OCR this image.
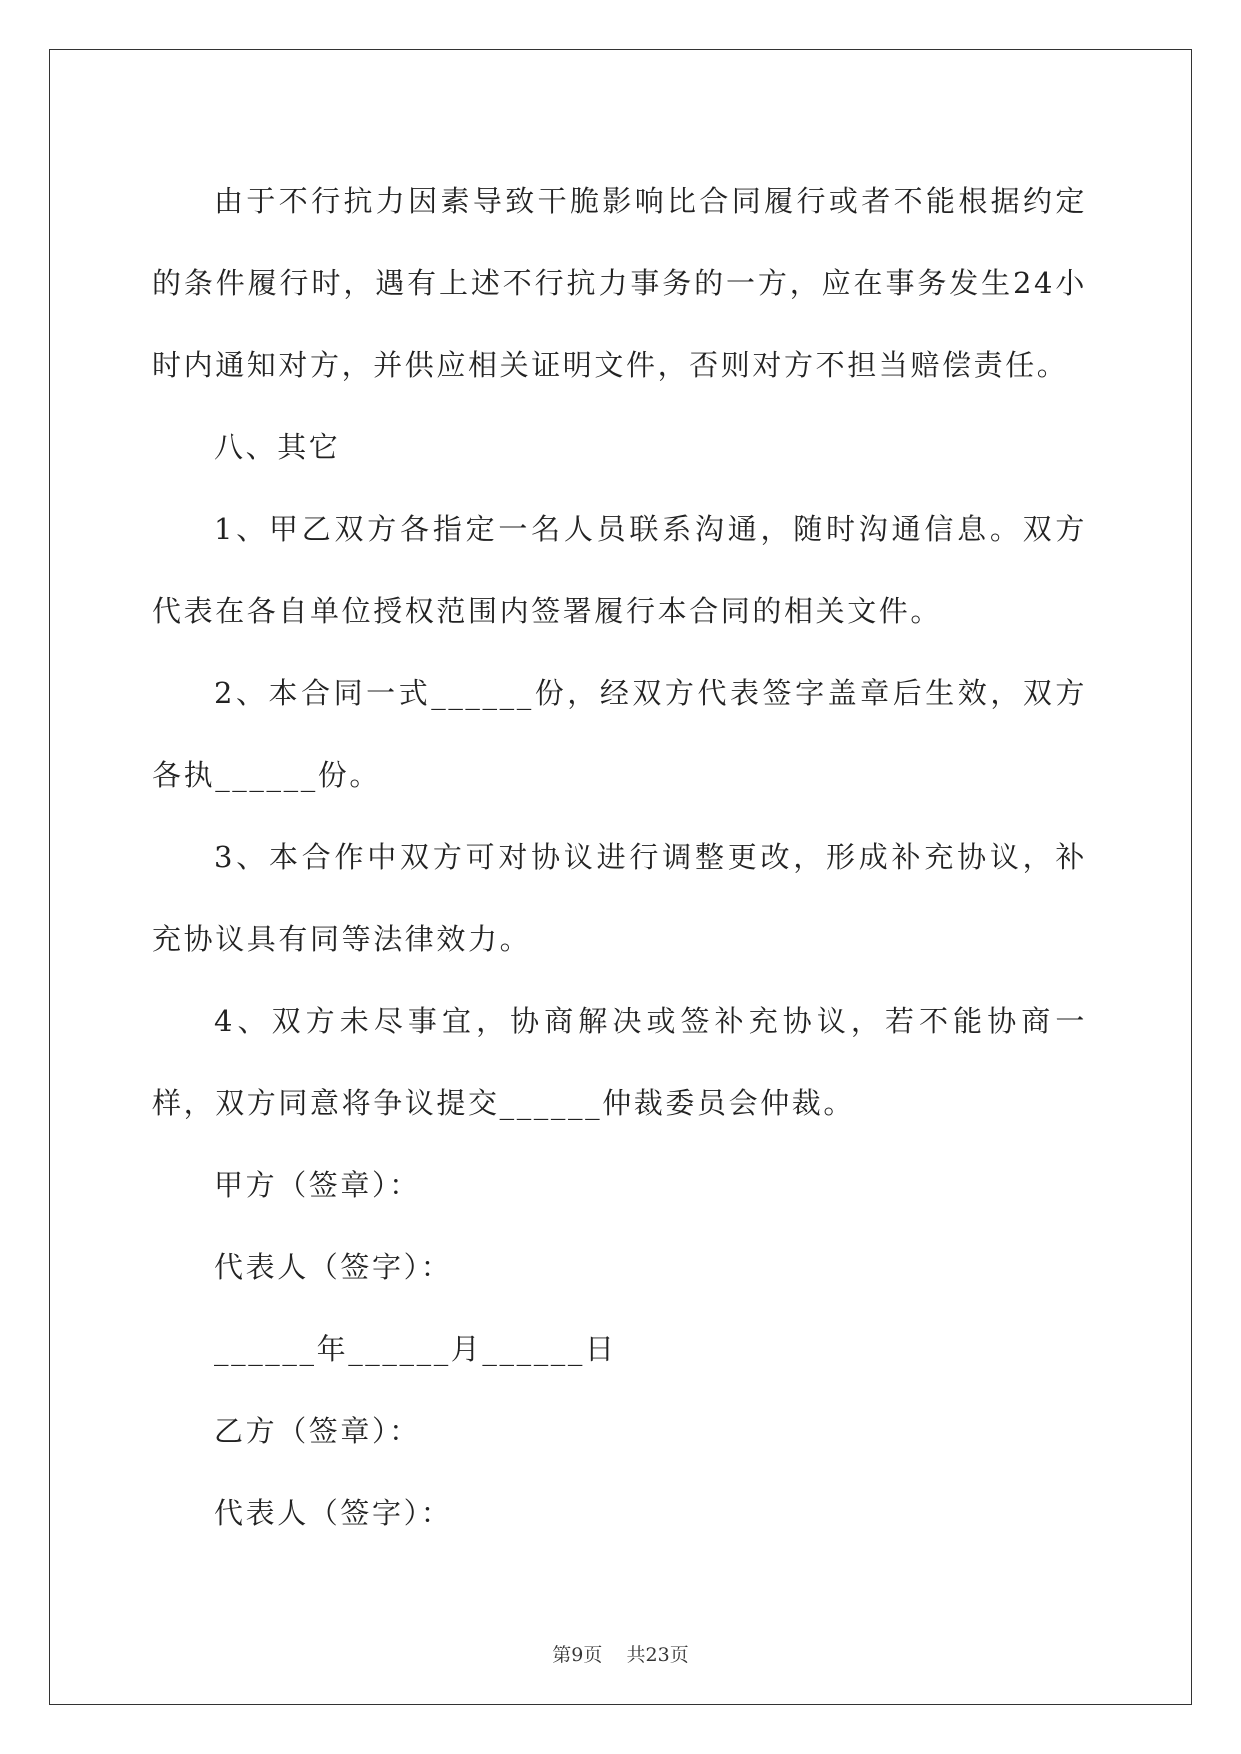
由于不行抗力因素导致干脆影响比合同履行或者不能根据约定的条件履行时，遇有上述不行抗力事务的一方，应在事务发生24小时内通知对方，并供应相关证明文件，否则对方不担当赔偿责任。

八、其它

1、甲乙双方各指定一名人员联系沟通，随时沟通信息。双方代表在各自单位授权范围内签署履行本合同的相关文件。

2、本合同一式______份，经双方代表签字盖章后生效，双方各执______份。

3、本合作中双方可对协议进行调整更改，形成补充协议，补充协议具有同等法律效力。

4、双方未尽事宜，协商解决或签补充协议，若不能协商一样，双方同意将争议提交______仲裁委员会仲裁。

甲方（签章）：

代表人（签字）：

______年______月______日

乙方（签章）：

代表人（签字）：

第9页 共23页
